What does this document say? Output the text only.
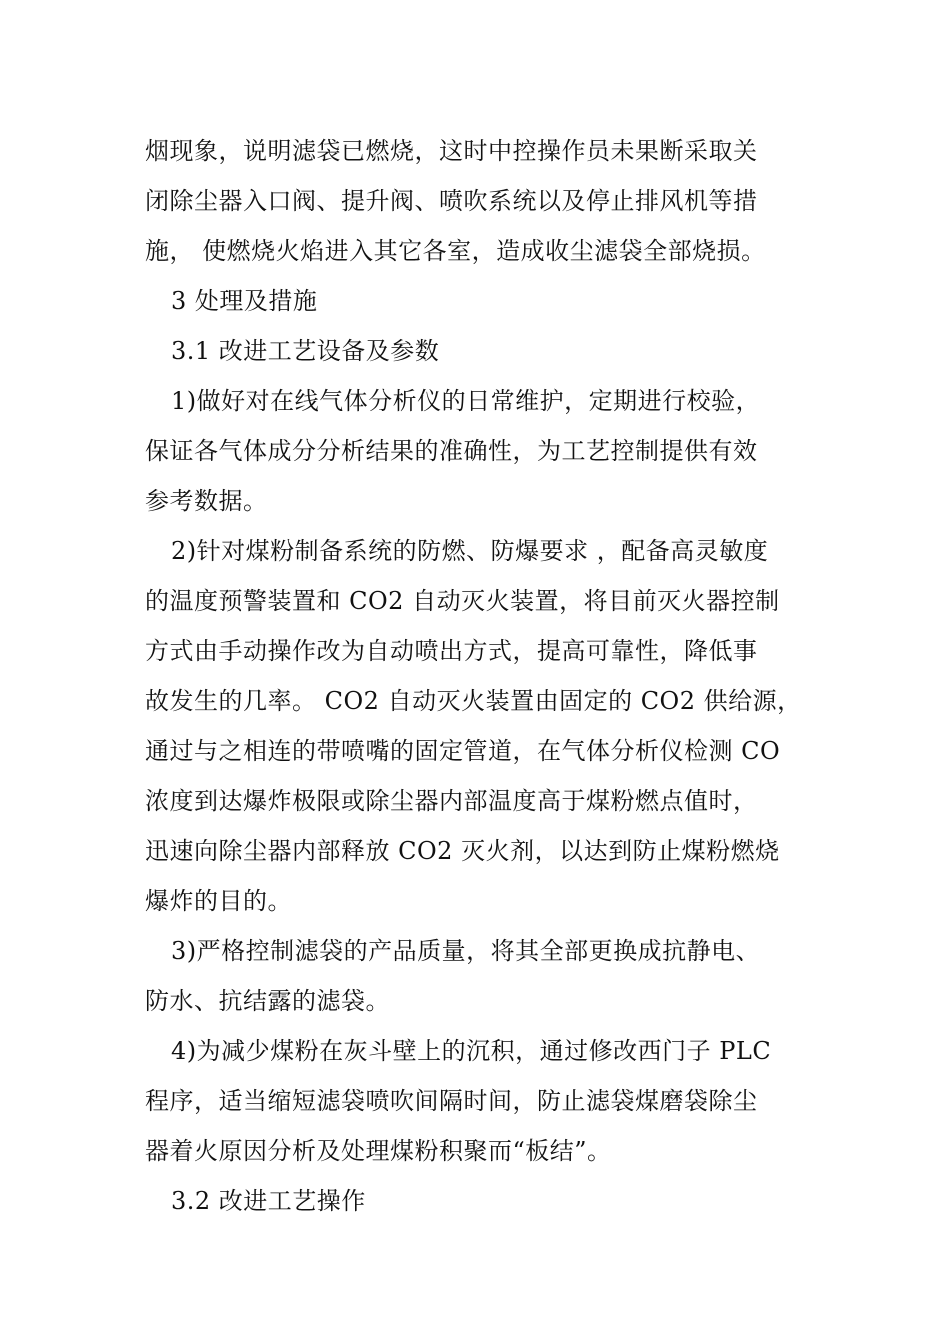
烟现象，说明滤袋已燃烧，这时中控操作员未果断采取关
闭除尘器入口阀、提升阀、喷吹系统以及停止排风机等措
施， 使燃烧火焰进入其它各室，造成收尘滤袋全部烧损。
3 处理及措施
3.1 改进工艺设备及参数
1)做好对在线气体分析仪的日常维护，定期进行校验，
保证各气体成分分析结果的准确性，为工艺控制提供有效
参考数据。
2)针对煤粉制备系统的防燃、防爆要求 ，配备高灵敏度
的温度预警装置和 CO2 自动灭火装置，将目前灭火器控制
方式由手动操作改为自动喷出方式，提高可靠性，降低事
故发生的几率。 CO2 自动灭火装置由固定的 CO2 供给源，
通过与之相连的带喷嘴的固定管道，在气体分析仪检测 CO
浓度到达爆炸极限或除尘器内部温度高于煤粉燃点值时，
迅速向除尘器内部释放 CO2 灭火剂，以达到防止煤粉燃烧
爆炸的目的。
3)严格控制滤袋的产品质量，将其全部更换成抗静电、
防水、抗结露的滤袋。
4)为减少煤粉在灰斗壁上的沉积，通过修改西门子 PLC
程序，适当缩短滤袋喷吹间隔时间，防止滤袋煤磨袋除尘
器着火原因分析及处理煤粉积聚而“板结”。
3.2 改进工艺操作
